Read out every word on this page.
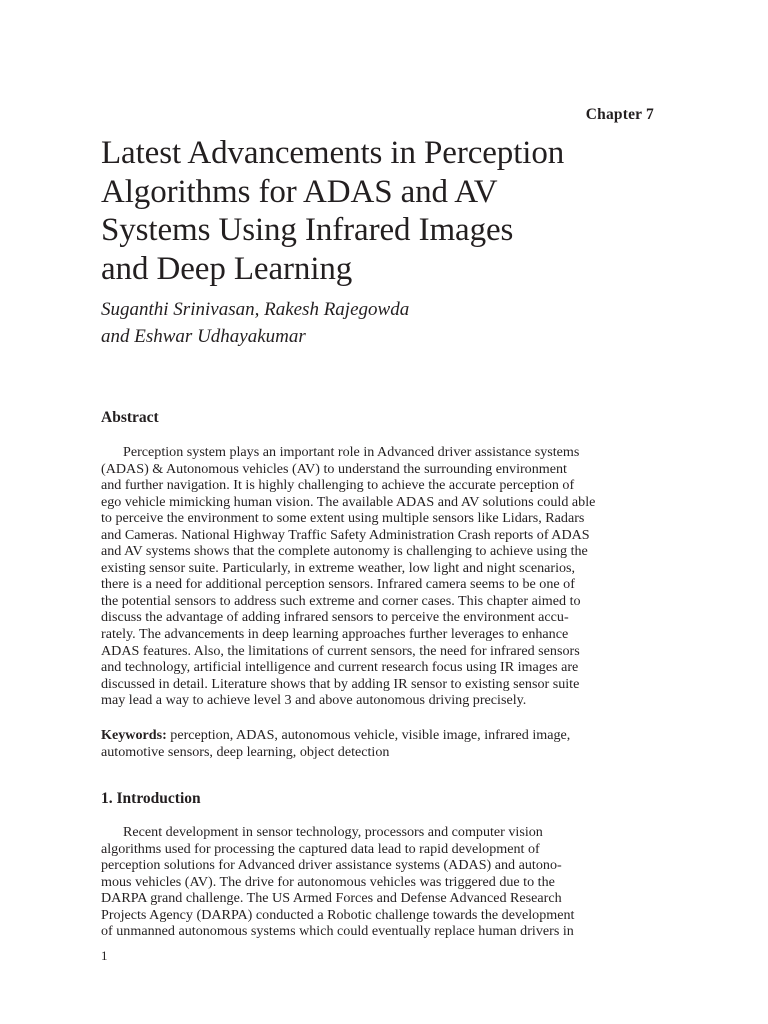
Chapter 7
Latest Advancements in Perception
Algorithms for ADAS and AV
Systems Using Infrared Images
and Deep Learning
Suganthi Srinivasan, Rakesh Rajegowda
and Eshwar Udhayakumar
Abstract
Perception system plays an important role in Advanced driver assistance systems
(ADAS) & Autonomous vehicles (AV) to understand the surrounding environment
and further navigation. It is highly challenging to achieve the accurate perception of
ego vehicle mimicking human vision. The available ADAS and AV solutions could able
to perceive the environment to some extent using multiple sensors like Lidars, Radars
and Cameras. National Highway Traffic Safety Administration Crash reports of ADAS
and AV systems shows that the complete autonomy is challenging to achieve using the
existing sensor suite. Particularly, in extreme weather, low light and night scenarios,
there is a need for additional perception sensors. Infrared camera seems to be one of
the potential sensors to address such extreme and corner cases. This chapter aimed to
discuss the advantage of adding infrared sensors to perceive the environment accu-
rately. The advancements in deep learning approaches further leverages to enhance
ADAS features. Also, the limitations of current sensors, the need for infrared sensors
and technology, artificial intelligence and current research focus using IR images are
discussed in detail. Literature shows that by adding IR sensor to existing sensor suite
may lead a way to achieve level 3 and above autonomous driving precisely.
Keywords: perception, ADAS, autonomous vehicle, visible image, infrared image,
automotive sensors, deep learning, object detection
1. Introduction
Recent development in sensor technology, processors and computer vision
algorithms used for processing the captured data lead to rapid development of
perception solutions for Advanced driver assistance systems (ADAS) and autono-
mous vehicles (AV). The drive for autonomous vehicles was triggered due to the
DARPA grand challenge. The US Armed Forces and Defense Advanced Research
Projects Agency (DARPA) conducted a Robotic challenge towards the development
of unmanned autonomous systems which could eventually replace human drivers in
1
